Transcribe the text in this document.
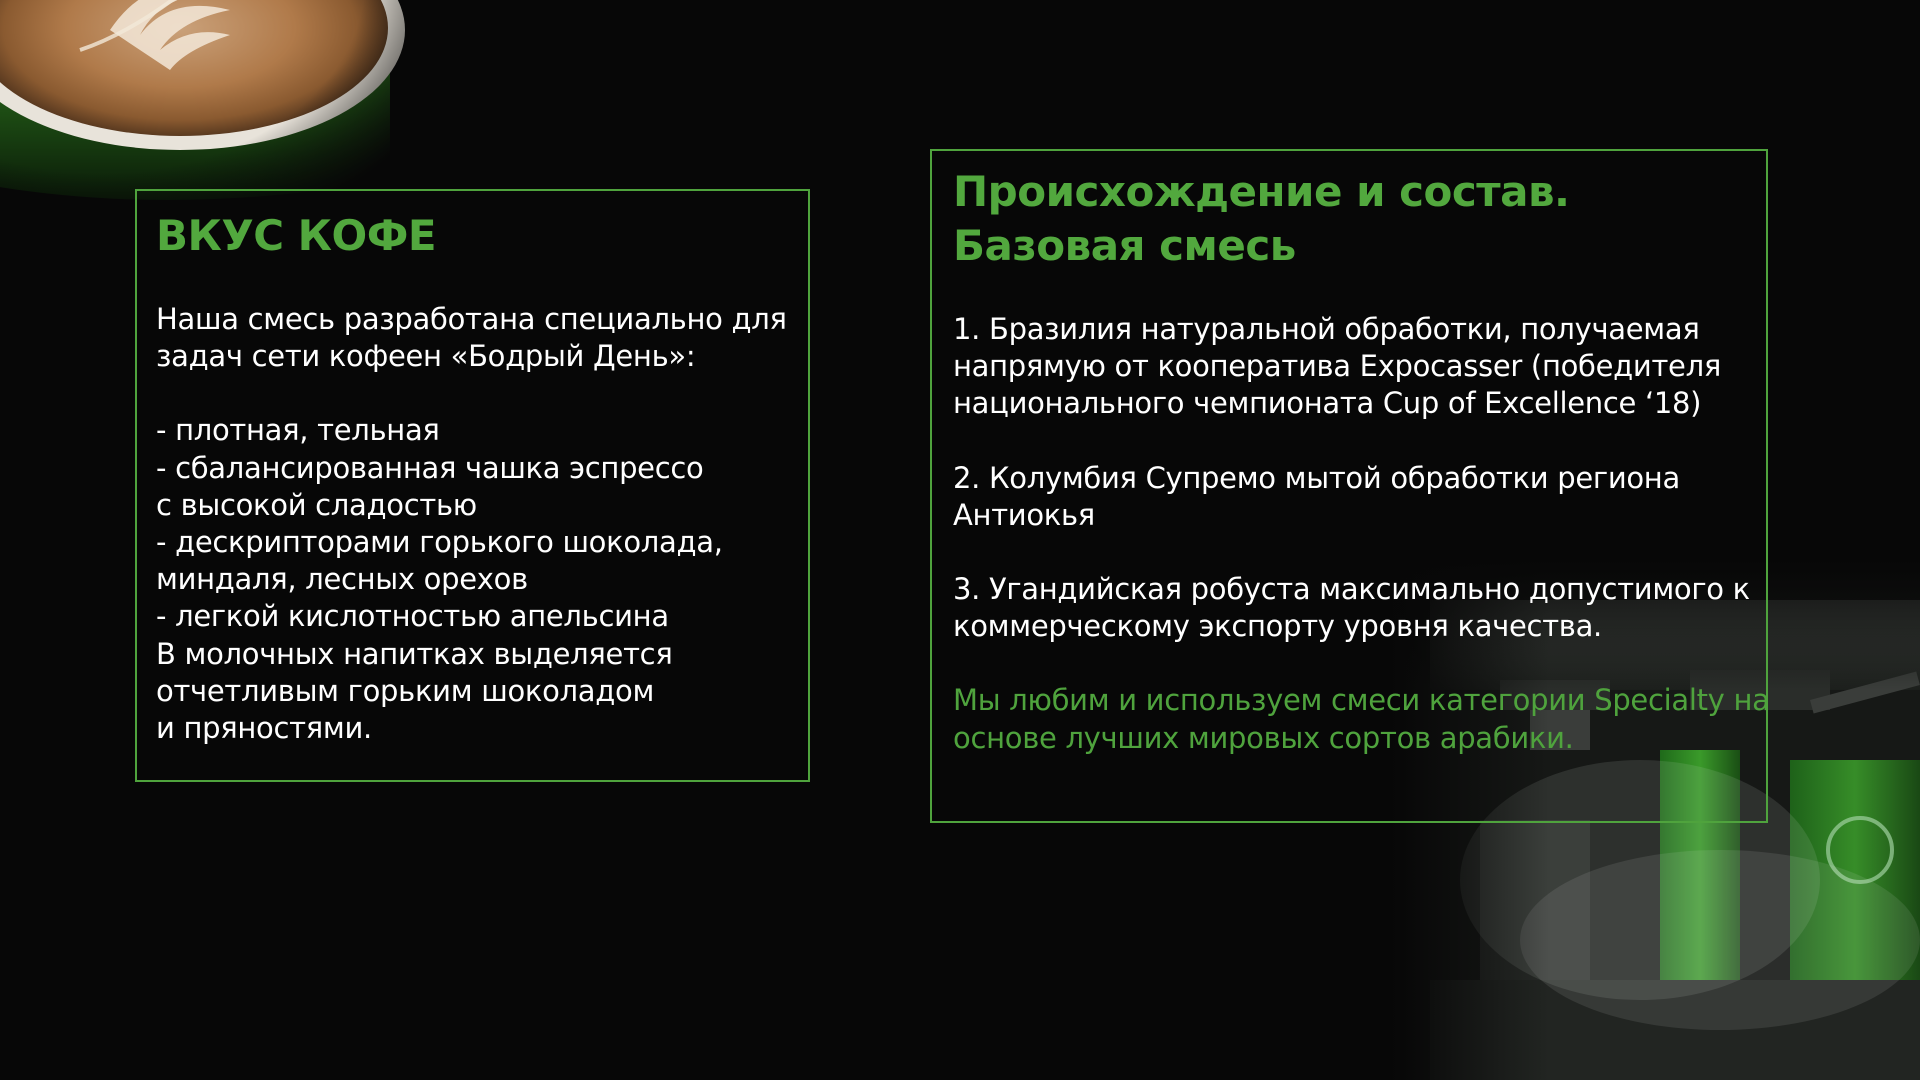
ВКУС КОФЕ

Наша смесь разработана специально для
задач сети кофеен «Бодрый День»:

- плотная, тельная
- сбалансированная чашка эспрессо
с высокой сладостью
- дескрипторами горького шоколада,
миндаля, лесных орехов
- легкой кислотностью апельсина
В молочных напитках выделяется
отчетливым горьким шоколадом
и пряностями.

Происхождение и состав.
Базовая смесь

1. Бразилия натуральной обработки, получаемая
напрямую от кооператива Expocasser (победителя
национального чемпионата Cup of Excellence ‘18)

2. Колумбия Супремо мытой обработки региона
Антиокья

3. Угандийская робуста максимально допустимого к
коммерческому экспорту уровня качества.

Мы любим и используем смеси категории Specialty на
основе лучших мировых сортов арабики.
